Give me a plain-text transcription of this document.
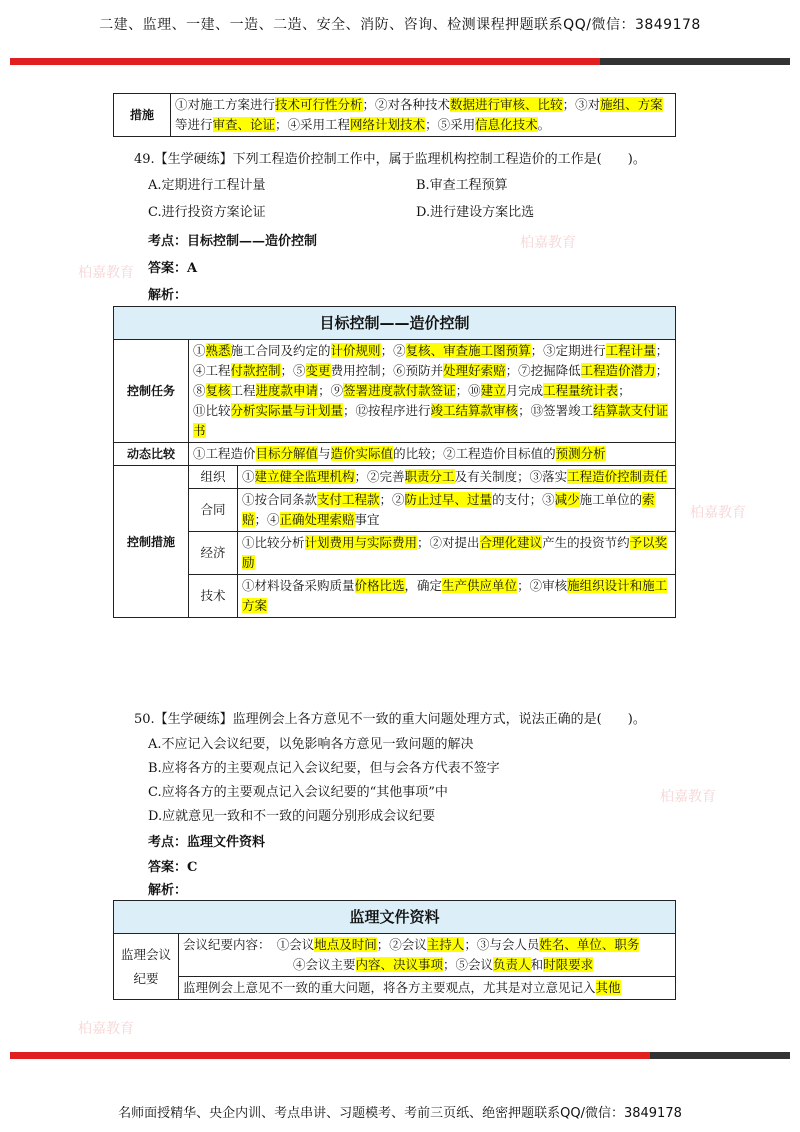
二建、监理、一建、一造、二造、安全、消防、咨询、检测课程押题联系QQ/微信：3849178
柏嘉教育
柏嘉教育
柏嘉教育
柏嘉教育
柏嘉教育
措施	①对施工方案进行技术可行性分析；②对各种技术数据进行审核、比较；③对施组、方案等进行审查、论证；④采用工程网络计划技术；⑤采用信息化技术。
49.【生学硬练】下列工程造价控制工作中，属于监理机构控制工程造价的工作是(　　)。
A.定期进行工程计量	B.审查工程预算
C.进行投资方案论证	D.进行建设方案比选
考点：目标控制——造价控制
答案：A
解析：
目标控制——造价控制		
控制任务	①熟悉施工合同及约定的计价规则；②复核、审查施工图预算；③定期进行工程计量；
④工程付款控制；⑤变更费用控制；⑥预防并处理好索赔；⑦挖掘降低工程造价潜力；
⑧复核工程进度款申请；⑨签署进度款付款签证；⑩建立月完成工程量统计表；
⑪比较分析实际量与计划量；⑫按程序进行竣工结算款审核；⑬签署竣工结算款支付证书	

动态比较	①工程造价目标分解值与造价实际值的比较；②工程造价目标值的预测分析	
控制措施	组织	①建立健全监理机构；②完善职责分工及有关制度；③落实工程造价控制责任
	合同	①按合同条款支付工程款；②防止过早、过量的支付；③减少施工单位的索赔；④正确处理索赔事宜
	经济	①比较分析计划费用与实际费用；②对提出合理化建议产生的投资节约予以奖励
	技术	①材料设备采购质量价格比选，确定生产供应单位；②审核施组织设计和施工方案
50.【生学硬练】监理例会上各方意见不一致的重大问题处理方式，说法正确的是(　　)。
A.不应记入会议纪要，以免影响各方意见一致问题的解决
B.应将各方的主要观点记入会议纪要，但与会各方代表不签字
C.应将各方的主要观点记入会议纪要的“其他事项”中
D.应就意见一致和不一致的问题分别形成会议纪要
考点：监理文件资料
答案：C
解析：
监理文件资料
监理会议纪要	
会议纪要内容：　①会议地点及时间；②会议主持人；③与会人员姓名、单位、职务
④会议主要内容、决议事项；⑤会议负责人和时限要求

监理例会上意见不一致的重大问题，将各方主要观点，尤其是对立意见记入其他
名师面授精华、央企内训、考点串讲、习题模考、考前三页纸、绝密押题联系QQ/微信：3849178
